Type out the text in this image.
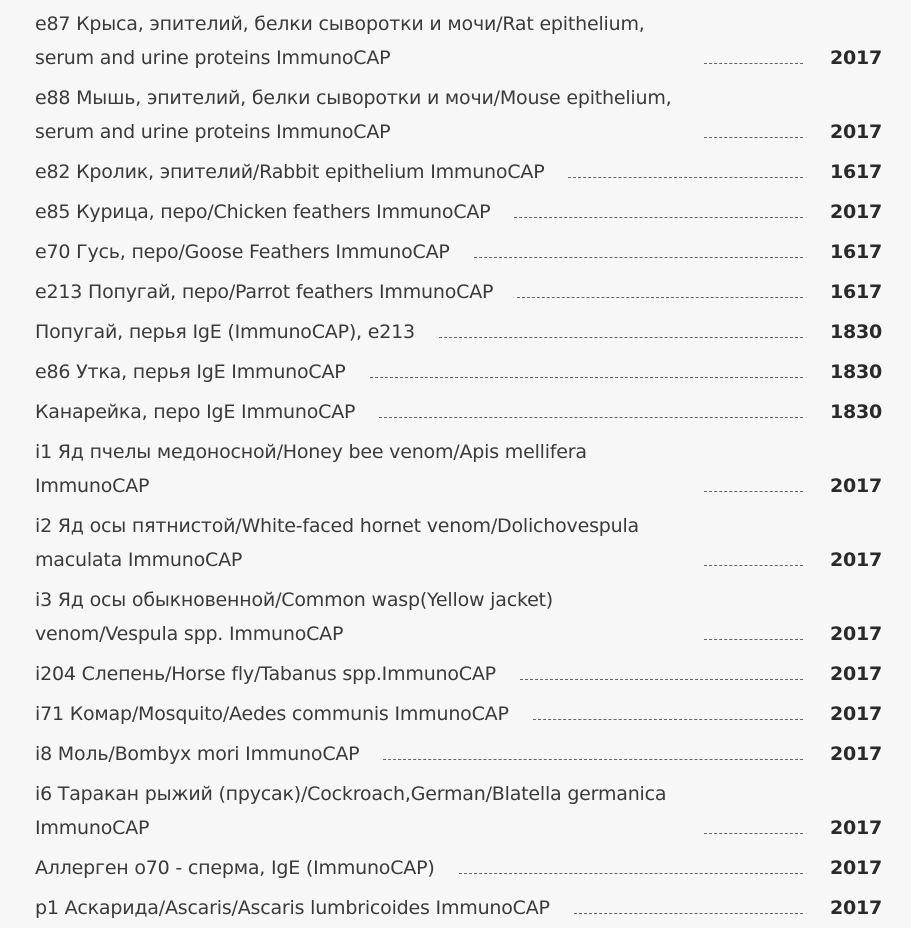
e87 Крыса, эпителий, белки сыворотки и мочи/Rat epithelium, serum and urine proteins ImmunoCAP	2017
e88 Мышь, эпителий, белки сыворотки и мочи/Mouse epithelium, serum and urine proteins ImmunoCAP	2017
e82 Кролик, эпителий/Rabbit epithelium ImmunoCAP	1617
e85 Курица, перо/Chicken feathers ImmunoCAP	2017
e70 Гусь, перо/Goose Feathers ImmunoCAP	1617
e213 Попугай, перо/Parrot feathers ImmunoCAP	1617
Попугай, перья IgE (ImmunoCAP), e213	1830
e86 Утка, перья IgE ImmunoCAP	1830
Канарейка, перо IgE ImmunoCAP	1830
i1 Яд пчелы медоносной/Honey bee venom/Apis mellifera ImmunoCAP	2017
i2 Яд осы пятнистой/White-faced hornet venom/Dolichovespula maculata ImmunoCAP	2017
i3 Яд осы обыкновенной/Common wasp(Yellow jacket) venom/Vespula spp. ImmunoCAP	2017
i204 Слепень/Horse fly/Tabanus spp.ImmunoCAP	2017
i71 Комар/Mosquito/Aedes communis ImmunoCAP	2017
i8 Моль/Bombyx mori ImmunoCAP	2017
i6 Таракан рыжий (прусак)/Cockroach,German/Blatella germanica ImmunoCAP	2017
Аллерген o70 - сперма, IgE (ImmunoCAP)	2017
p1 Аскарида/Ascaris/Ascaris lumbricoides ImmunoCAP	2017
